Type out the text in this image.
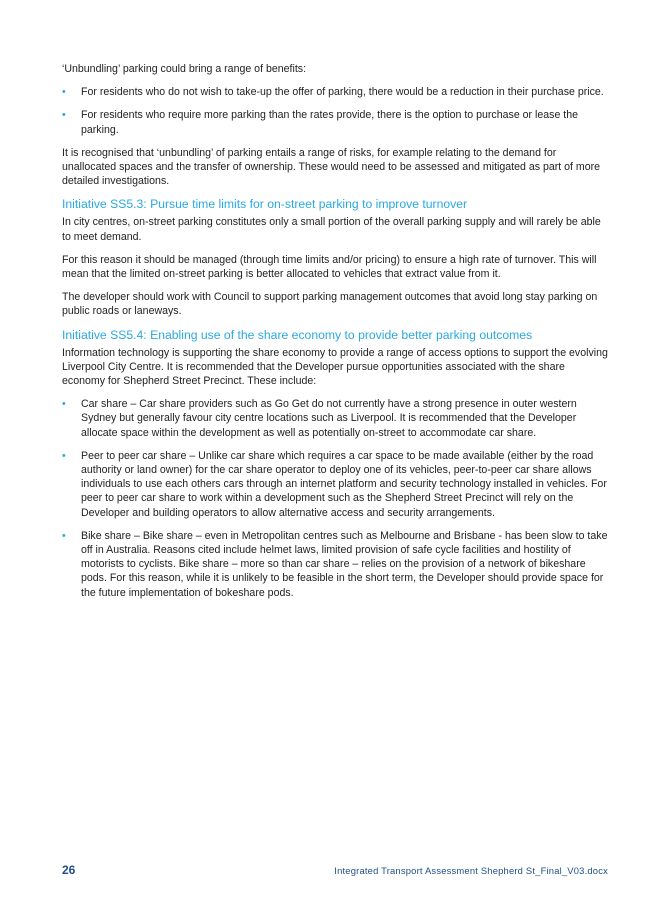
‘Unbundling’ parking could bring a range of benefits:

• For residents who do not wish to take-up the offer of parking, there would be a reduction in their purchase price.
• For residents who require more parking than the rates provide, there is the option to purchase or lease the parking.

It is recognised that ‘unbundling’ of parking entails a range of risks, for example relating to the demand for unallocated spaces and the transfer of ownership. These would need to be assessed and mitigated as part of more detailed investigations.

Initiative SS5.3: Pursue time limits for on-street parking to improve turnover

In city centres, on-street parking constitutes only a small portion of the overall parking supply and will rarely be able to meet demand.

For this reason it should be managed (through time limits and/or pricing) to ensure a high rate of turnover. This will mean that the limited on-street parking is better allocated to vehicles that extract value from it.

The developer should work with Council to support parking management outcomes that avoid long stay parking on public roads or laneways.

Initiative SS5.4: Enabling use of the share economy to provide better parking outcomes

Information technology is supporting the share economy to provide a range of access options to support the evolving Liverpool City Centre. It is recommended that the Developer pursue opportunities associated with the share economy for Shepherd Street Precinct. These include:

• Car share – Car share providers such as Go Get do not currently have a strong presence in outer western Sydney but generally favour city centre locations such as Liverpool. It is recommended that the Developer allocate space within the development as well as potentially on-street to accommodate car share.
• Peer to peer car share – Unlike car share which requires a car space to be made available (either by the road authority or land owner) for the car share operator to deploy one of its vehicles, peer-to-peer car share allows individuals to use each others cars through an internet platform and security technology installed in vehicles. For peer to peer car share to work within a development such as the Shepherd Street Precinct will rely on the Developer and building operators to allow alternative access and security arrangements.
• Bike share – Bike share – even in Metropolitan centres such as Melbourne and Brisbane - has been slow to take off in Australia. Reasons cited include helmet laws, limited provision of safe cycle facilities and hostility of motorists to cyclists. Bike share – more so than car share – relies on the provision of a network of bikeshare pods. For this reason, while it is unlikely to be feasible in the short term, the Developer should provide space for the future implementation of bokeshare pods.
26	Integrated Transport Assessment Shepherd St_Final_V03.docx
